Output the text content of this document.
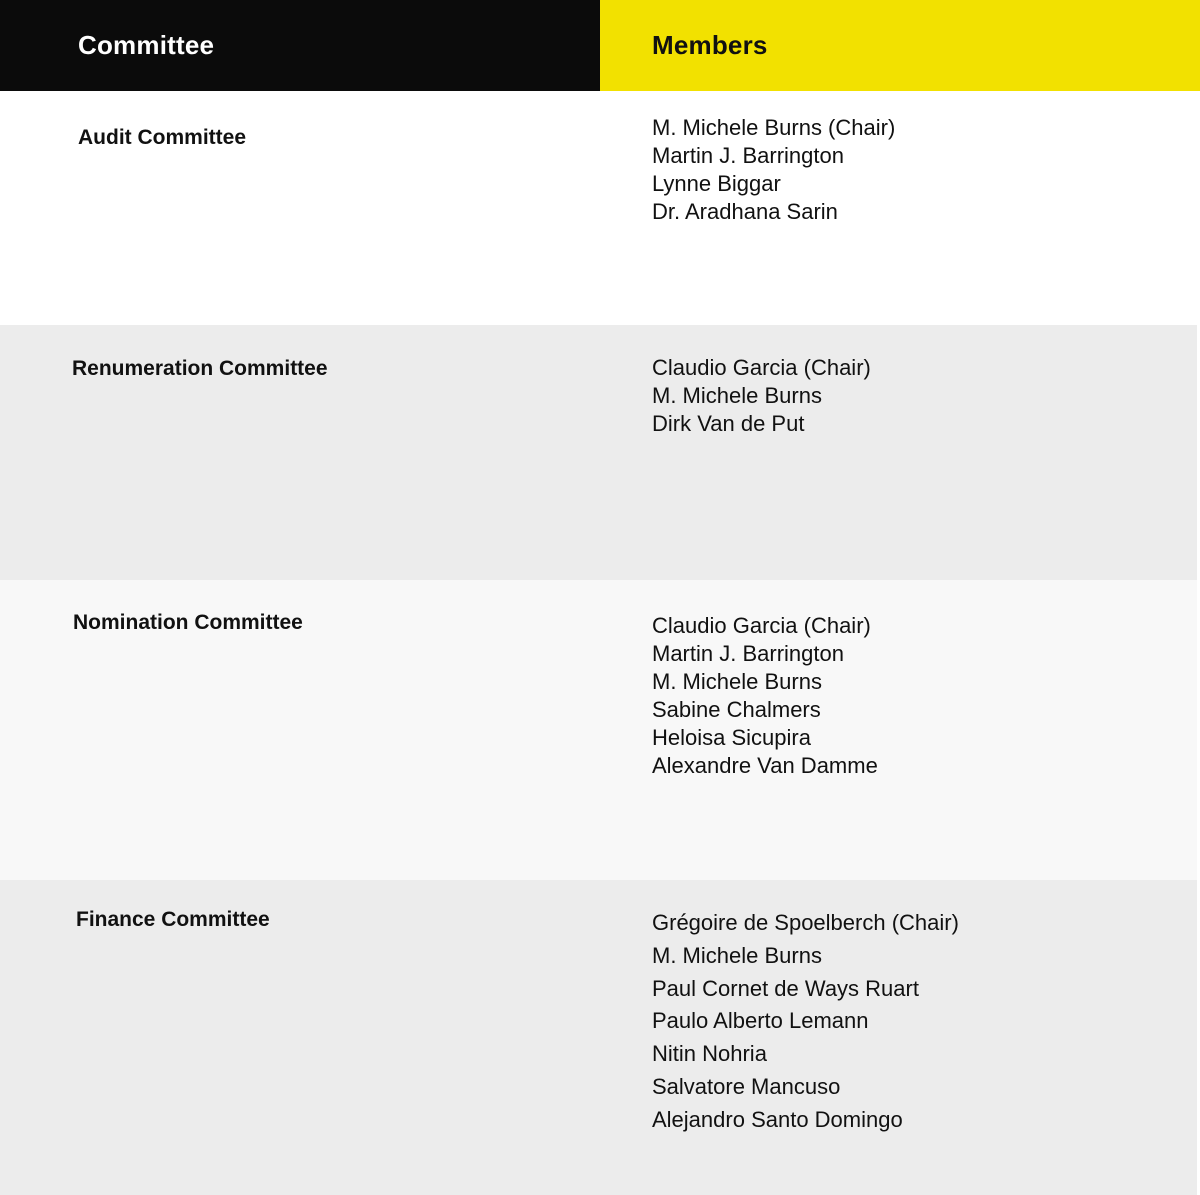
Committee	Members
Audit Committee	M. Michele Burns (Chair)
Martin J. Barrington
Lynne Biggar
Dr. Aradhana Sarin
Renumeration Committee	Claudio Garcia (Chair)
M. Michele Burns
Dirk Van de Put
Nomination Committee	Claudio Garcia (Chair)
Martin J. Barrington
M. Michele Burns
Sabine Chalmers
Heloisa Sicupira
Alexandre Van Damme
Finance Committee	Grégoire de Spoelberch (Chair)
M. Michele Burns
Paul Cornet de Ways Ruart
Paulo Alberto Lemann
Nitin Nohria
Salvatore Mancuso
Alejandro Santo Domingo
